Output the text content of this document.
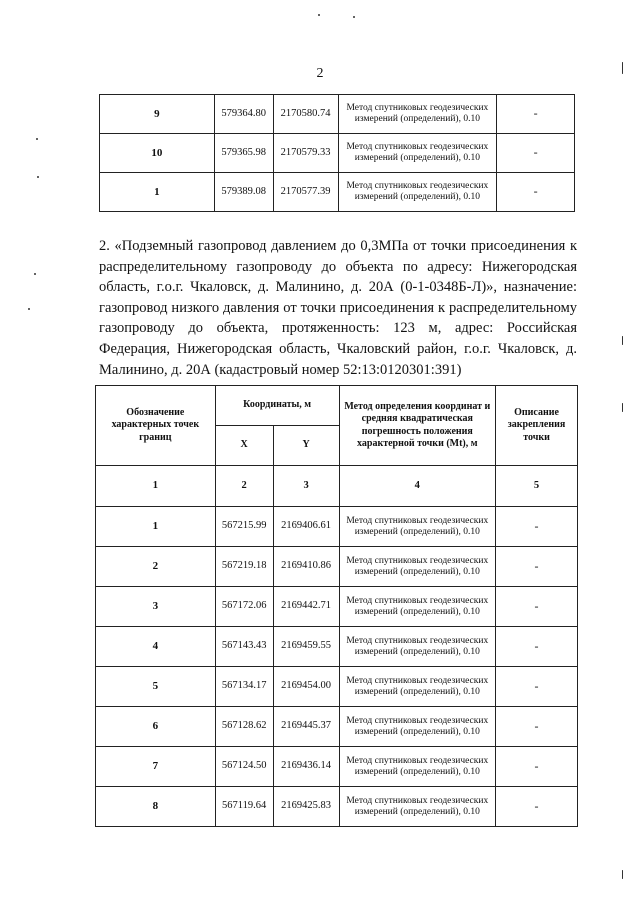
2
9	579364.80	2170580.74	Метод спутниковых геодезических измерений (определений), 0.10	-
10	579365.98	2170579.33	Метод спутниковых геодезических измерений (определений), 0.10	-
1	579389.08	2170577.39	Метод спутниковых геодезических измерений (определений), 0.10	-
2. «Подземный газопровод давлением до 0,3МПа от точки присоединения к распределительному газопроводу до объекта по адресу: Нижегородская область, г.о.г. Чкаловск, д. Малинино, д. 20А (0-1-0348Б-Л)», назначение: газопровод низкого давления от точки присоединения к распределительному газопроводу до объекта, протяженность: 123 м, адрес: Российская Федерация, Нижегородская область, Чкаловский район, г.о.г. Чкаловск, д. Малинино, д. 20А (кадастровый номер 52:13:0120301:391)
Обозначение характерных точек границ	Координаты, м		Метод определения координат и средняя квадратическая погрешность положения характерной точки (Mt), м	Описание закрепления точки
	X	Y		
1	2	3	4	5
1	567215.99	2169406.61	Метод спутниковых геодезических измерений (определений), 0.10	-
2	567219.18	2169410.86	Метод спутниковых геодезических измерений (определений), 0.10	-
3	567172.06	2169442.71	Метод спутниковых геодезических измерений (определений), 0.10	-
4	567143.43	2169459.55	Метод спутниковых геодезических измерений (определений), 0.10	-
5	567134.17	2169454.00	Метод спутниковых геодезических измерений (определений), 0.10	-
6	567128.62	2169445.37	Метод спутниковых геодезических измерений (определений), 0.10	-
7	567124.50	2169436.14	Метод спутниковых геодезических измерений (определений), 0.10	-
8	567119.64	2169425.83	Метод спутниковых геодезических измерений (определений), 0.10	-
